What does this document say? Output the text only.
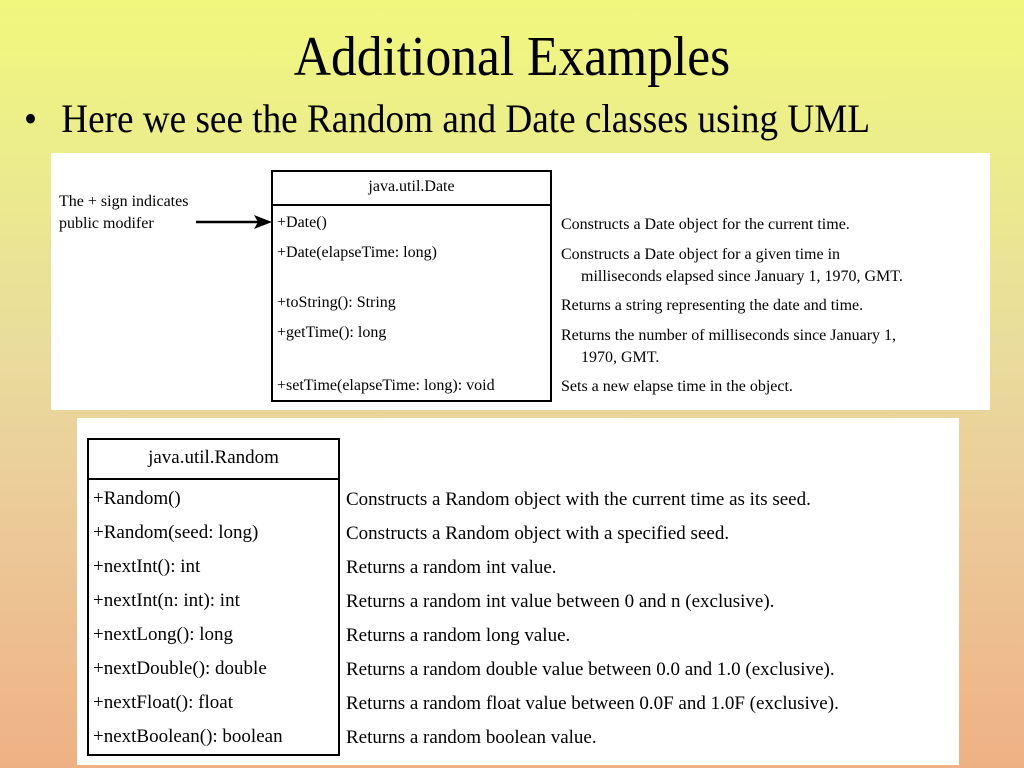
Additional Examples
• Here we see the Random and Date classes using UML
The + sign indicates
public modifer
java.util.Date
+Date()
+Date(elapseTime: long)
+toString(): String
+getTime(): long
+setTime(elapseTime: long): void
Constructs a Date object for the current time.
Constructs a Date object for a given time in
milliseconds elapsed since January 1, 1970, GMT.
Returns a string representing the date and time.
Returns the number of milliseconds since January 1,
1970, GMT.
Sets a new elapse time in the object.
java.util.Random
+Random()
+Random(seed: long)
+nextInt(): int
+nextInt(n: int): int
+nextLong(): long
+nextDouble(): double
+nextFloat(): float
+nextBoolean(): boolean
Constructs a Random object with the current time as its seed.
Constructs a Random object with a specified seed.
Returns a random int value.
Returns a random int value between 0 and n (exclusive).
Returns a random long value.
Returns a random double value between 0.0 and 1.0 (exclusive).
Returns a random float value between 0.0F and 1.0F (exclusive).
Returns a random boolean value.
